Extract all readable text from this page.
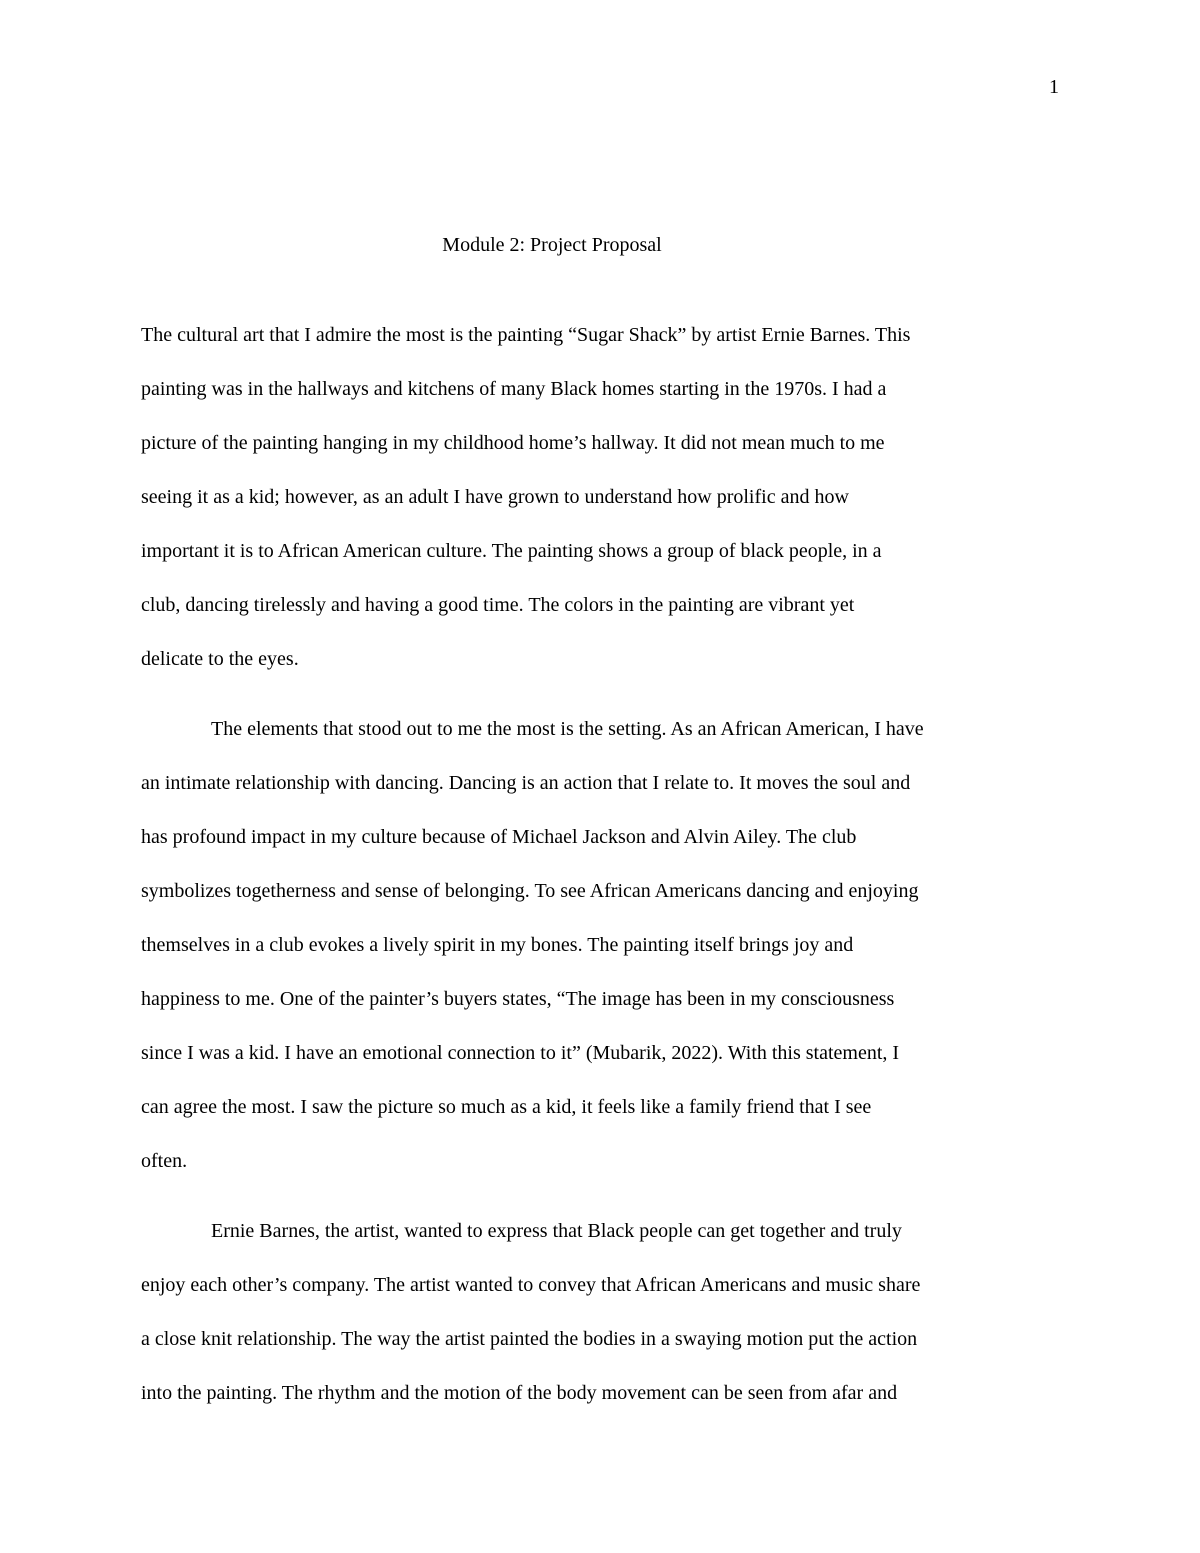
1
Module 2: Project Proposal
The cultural art that I admire the most is the painting “Sugar Shack” by artist Ernie Barnes. This
painting was in the hallways and kitchens of many Black homes starting in the 1970s. I had a
picture of the painting hanging in my childhood home’s hallway. It did not mean much to me
seeing it as a kid; however, as an adult I have grown to understand how prolific and how
important it is to African American culture. The painting shows a group of black people, in a
club, dancing tirelessly and having a good time. The colors in the painting are vibrant yet
delicate to the eyes.
The elements that stood out to me the most is the setting. As an African American, I have
an intimate relationship with dancing. Dancing is an action that I relate to. It moves the soul and
has profound impact in my culture because of Michael Jackson and Alvin Ailey. The club
symbolizes togetherness and sense of belonging. To see African Americans dancing and enjoying
themselves in a club evokes a lively spirit in my bones. The painting itself brings joy and
happiness to me. One of the painter’s buyers states, “The image has been in my consciousness
since I was a kid. I have an emotional connection to it” (Mubarik, 2022). With this statement, I
can agree the most. I saw the picture so much as a kid, it feels like a family friend that I see
often.
Ernie Barnes, the artist, wanted to express that Black people can get together and truly
enjoy each other’s company. The artist wanted to convey that African Americans and music share
a close knit relationship. The way the artist painted the bodies in a swaying motion put the action
into the painting. The rhythm and the motion of the body movement can be seen from afar and
